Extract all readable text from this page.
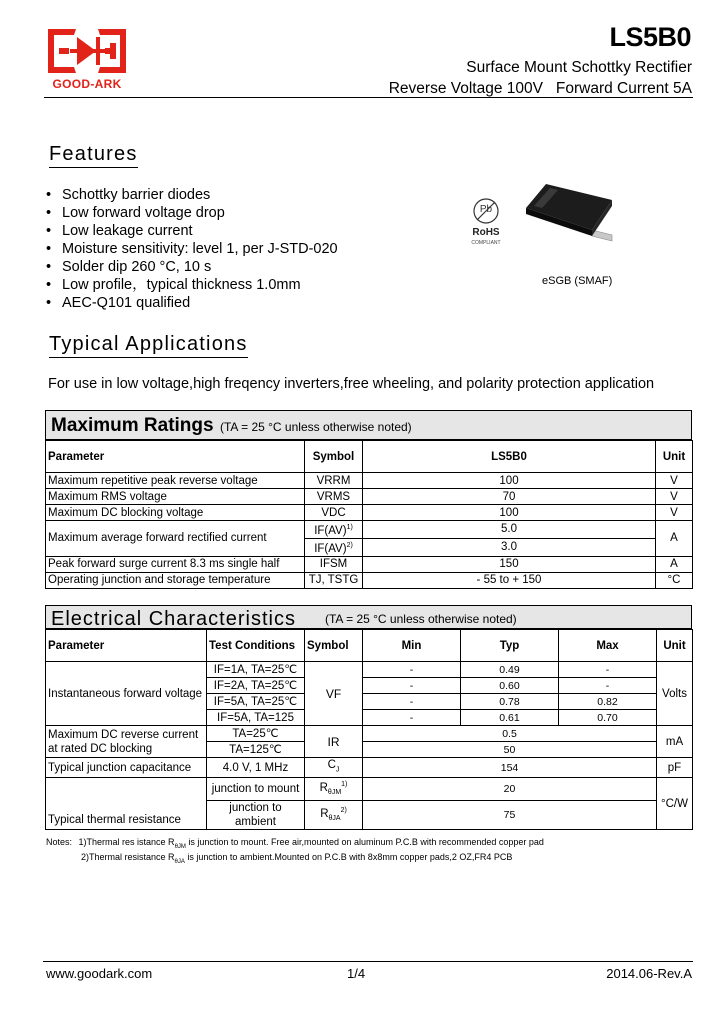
GOOD-ARK
LS5B0
Surface Mount Schottky Rectifier
Reverse Voltage 100V   Forward Current 5A
Features
• Schottky barrier diodes
• Low forward voltage drop
• Low leakage current
• Moisture sensitivity: level 1, per J-STD-020
• Solder dip 260 °C, 10 s
• Low profile，typical thickness 1.0mm
• AEC-Q101 qualified
Pb
RoHS
COMPLIANT
eSGB (SMAF)
Typical Applications
For use in low voltage,high freqency inverters,free wheeling, and polarity protection application
Maximum Ratings (TA = 25 °C unless otherwise noted)
Parameter	Symbol	LS5B0	Unit
Maximum repetitive peak reverse voltage	VRRM	100	V
Maximum RMS voltage	VRMS	70	V
Maximum DC blocking voltage	VDC	100	V
Maximum average forward rectified current	IF(AV)$^{1)}$	5.0	A
	IF(AV)$^{2)}$	3.0	
Peak forward surge current 8.3 ms single half	IFSM	150	A
Operating junction and storage temperature	TJ, TSTG	- 55 to + 150	°C
Electrical Characteristics (TA = 25 °C unless otherwise noted)
Parameter	Test Conditions	Symbol	Min	Typ	Max	Unit
Instantaneous forward voltage	IF=1A, TA=25℃	VF	-	0.49	-	Volts
	IF=2A, TA=25℃		-	0.60	-	
	IF=5A, TA=25℃		-	0.78	0.82	
	IF=5A, TA=125		-	0.61	0.70	
Maximum DC reverse current at rated DC blocking	TA=25℃	IR	0.5			mA
	TA=125℃		50			
Typical junction capacitance	4.0 V, 1 MHz	$C_J$	154			pF
Typical thermal resistance	junction to mount	$R_{\theta JM}^{1)}$	20			°C/W
	junction to ambient	$R_{\theta JA}^{2)}$	75			
Notes: 1)Thermal res istance $R_{\theta JM}$ is junction to mount. Free air,mounted on aluminum P.C.B with recommended copper pad
2)Thermal resistance $R_{\theta JA}$ is junction to ambient.Mounted on P.C.B with 8x8mm copper pads,2 OZ,FR4 PCB
www.goodark.com	1/4	2014.06-Rev.A
